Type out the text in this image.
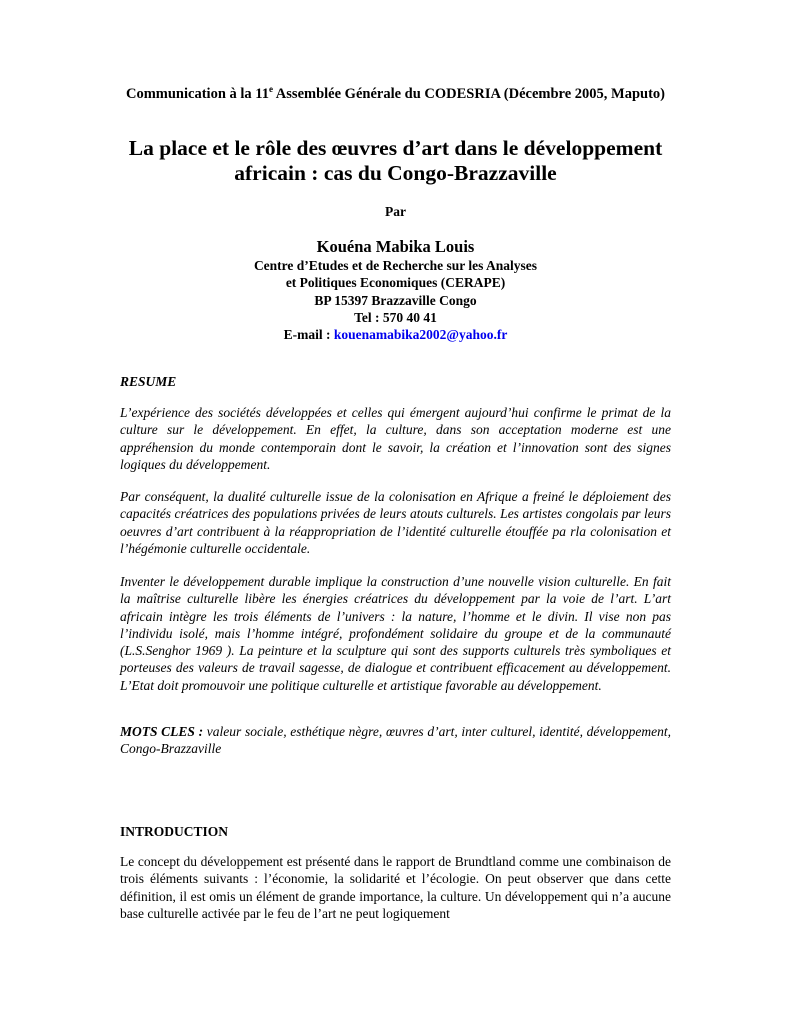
Communication à la 11e Assemblée Générale du CODESRIA (Décembre 2005, Maputo)
La place et le rôle des œuvres d’art dans le développement africain : cas du Congo-Brazzaville
Par
Kouéna Mabika Louis
Centre d’Etudes et de Recherche sur les Analyses
et Politiques Economiques (CERAPE)
BP 15397 Brazzaville Congo
Tel : 570 40 41
E-mail : kouenamabika2002@yahoo.fr
RESUME
L’expérience des sociétés développées et celles qui émergent aujourd’hui confirme le primat de la culture sur le développement. En effet, la culture, dans son acceptation moderne est une appréhension du monde contemporain dont le savoir, la création et l’innovation sont des signes logiques du développement.
Par conséquent, la dualité culturelle issue de la colonisation en Afrique a freiné le déploiement des capacités créatrices des populations privées de leurs atouts culturels. Les artistes congolais par leurs oeuvres d’art contribuent à la réappropriation de l’identité culturelle étouffée pa rla colonisation et l’hégémonie culturelle occidentale.
Inventer le développement durable implique la construction d’une nouvelle vision culturelle. En fait la maîtrise culturelle libère les énergies créatrices du développement par la voie de l’art. L’art africain intègre les trois éléments de l’univers : la nature, l’homme et le divin. Il vise non pas l’individu isolé, mais l’homme intégré, profondément solidaire du groupe et de la communauté (L.S.Senghor 1969 ). La peinture et la sculpture qui sont des supports culturels très symboliques et porteuses des valeurs de travail sagesse, de dialogue et contribuent efficacement au développement. L’Etat doit promouvoir une politique culturelle et artistique favorable au développement.
MOTS CLES : valeur sociale, esthétique nègre, œuvres d’art, inter culturel, identité, développement, Congo-Brazzaville
INTRODUCTION
Le concept du développement est présenté dans le rapport de Brundtland comme une combinaison de trois éléments suivants : l’économie, la solidarité et l’écologie. On peut observer que dans cette définition, il est omis un élément de grande importance, la culture. Un développement qui n’a aucune base culturelle activée par le feu de l’art ne peut logiquement
